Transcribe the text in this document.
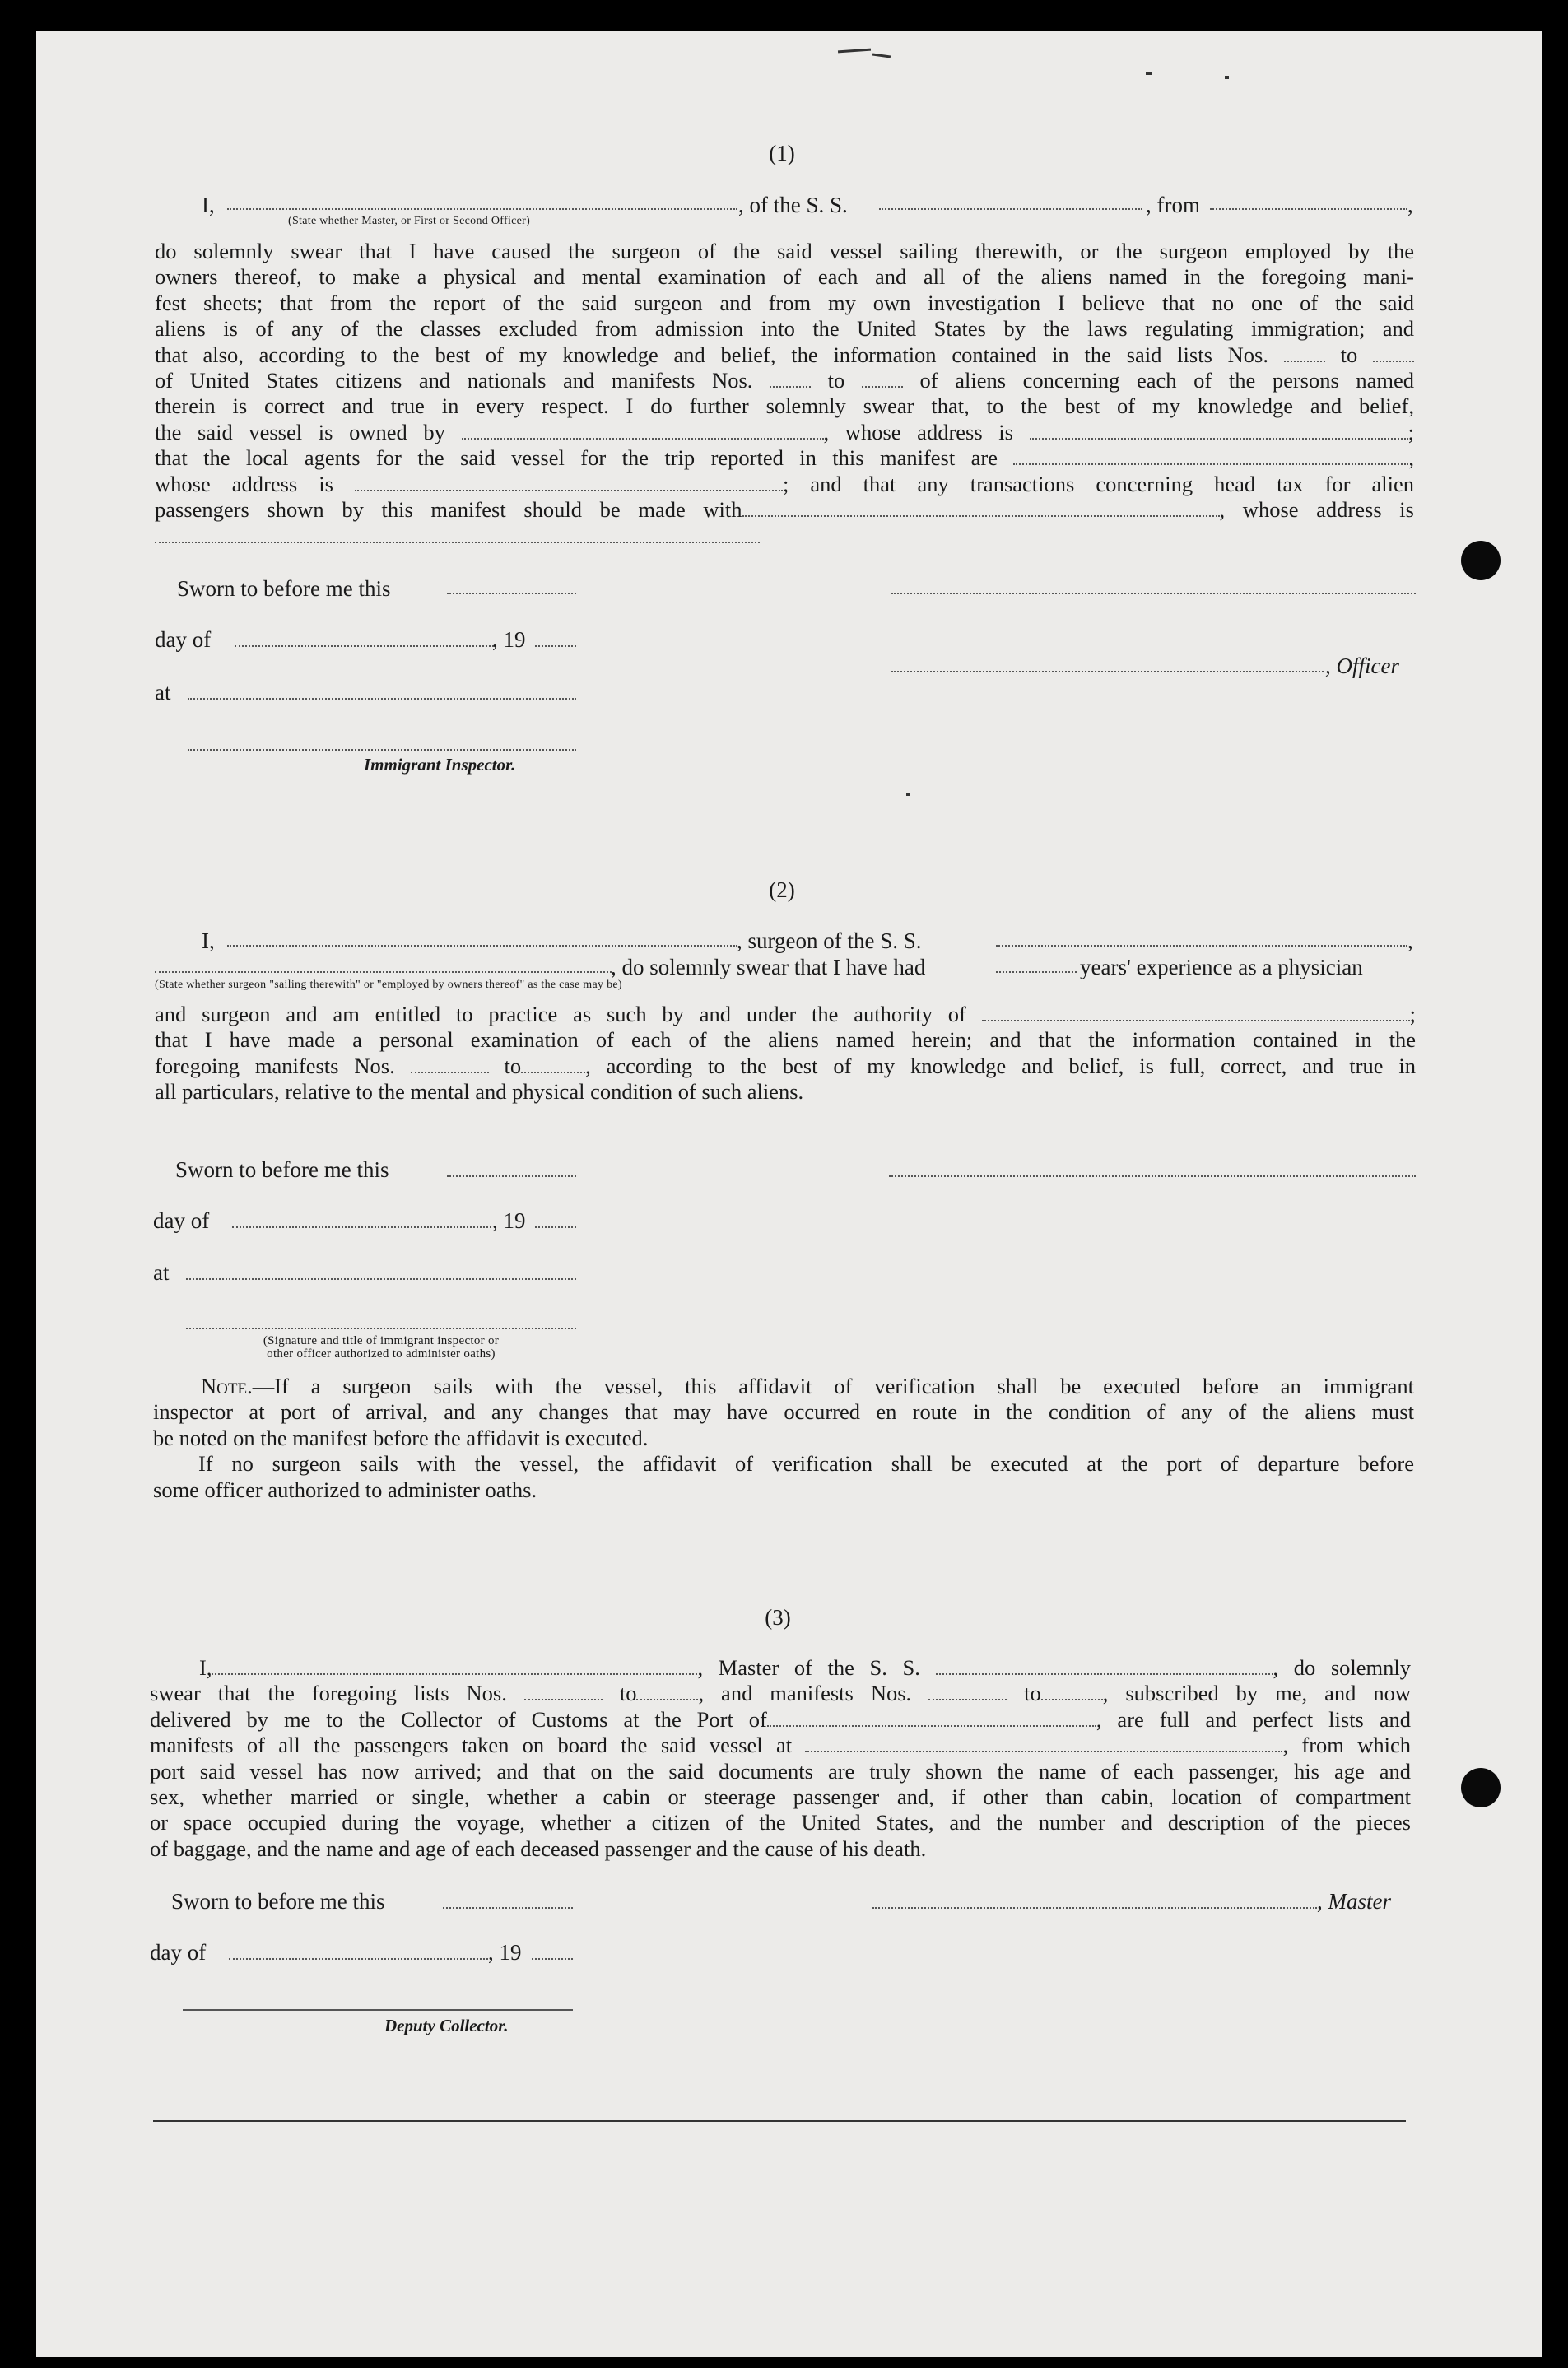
(1)
I,	, of the S. S.	, from	,
(State whether Master, or First or Second Officer)
do solemnly swear that I have caused the surgeon of the said vessel sailing therewith, or the surgeon employed by the
owners thereof, to make a physical and mental examination of each and all of the aliens named in the foregoing mani-
fest sheets; that from the report of the said surgeon and from my own investigation I believe that no one of the said
aliens is of any of the classes excluded from admission into the United States by the laws regulating immigration; and
that also, according to the best of my knowledge and belief, the information contained in the said lists Nos.	to
of United States citizens and nationals and manifests Nos.	to	of aliens concerning each of the persons named
therein is correct and true in every respect. I do further solemnly swear that, to the best of my knowledge and belief,
the said vessel is owned by	, whose address is	;
that the local agents for the said vessel for the trip reported in this manifest are	,
whose address is	; and that any transactions concerning head tax for alien
passengers shown by this manifest should be made with	, whose address is
Sworn to before me this
day of	, 19
, Officer
at
Immigrant Inspector.
(2)
I,	, surgeon of the S. S.	,
, do solemnly swear that I have had	years' experience as a physician
(State whether surgeon "sailing therewith" or "employed by owners thereof" as the case may be)
and surgeon and am entitled to practice as such by and under the authority of	;
that I have made a personal examination of each of the aliens named herein; and that the information contained in the
foregoing manifests Nos.	to	, according to the best of my knowledge and belief, is full, correct, and true in
all particulars, relative to the mental and physical condition of such aliens.
Sworn to before me this
day of	, 19
at
(Signature and title of immigrant inspector or
other officer authorized to administer oaths)
Note.—If a surgeon sails with the vessel, this affidavit of verification shall be executed before an immigrant
inspector at port of arrival, and any changes that may have occurred en route in the condition of any of the aliens must
be noted on the manifest before the affidavit is executed.
If no surgeon sails with the vessel, the affidavit of verification shall be executed at the port of departure before
some officer authorized to administer oaths.
(3)
I,	, Master of the S. S.	, do solemnly
swear that the foregoing lists Nos.	to	, and manifests Nos.	to	, subscribed by me, and now
delivered by me to the Collector of Customs at the Port of	, are full and perfect lists and
manifests of all the passengers taken on board the said vessel at	, from which
port said vessel has now arrived; and that on the said documents are truly shown the name of each passenger, his age and
sex, whether married or single, whether a cabin or steerage passenger and, if other than cabin, location of compartment
or space occupied during the voyage, whether a citizen of the United States, and the number and description of the pieces
of baggage, and the name and age of each deceased passenger and the cause of his death.
Sworn to before me this	, Master
day of	, 19
Deputy Collector.
